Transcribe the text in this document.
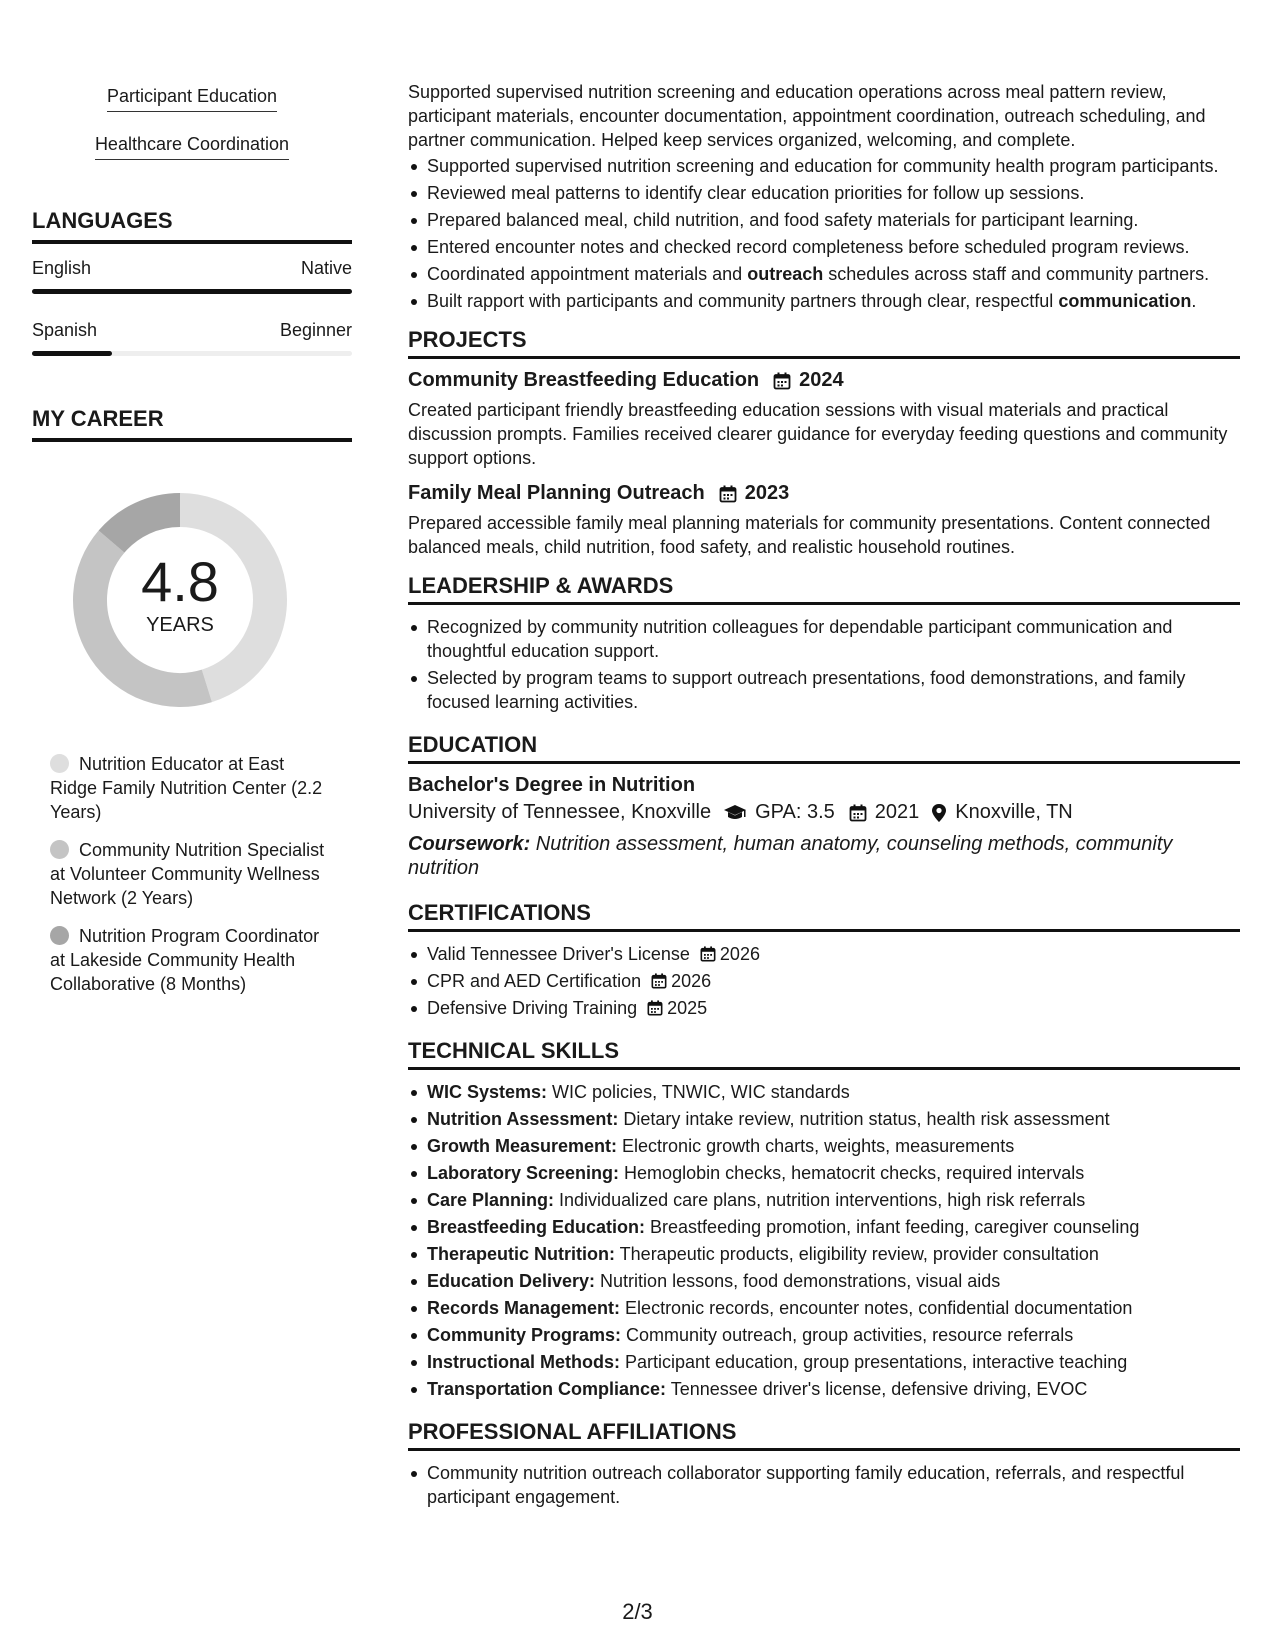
Participant Education
Healthcare Coordination
LANGUAGES
English	Native
Spanish	Beginner
MY CAREER
4.8
YEARS
Nutrition Educator at East Ridge Family Nutrition Center (2.2 Years)
Community Nutrition Specialist at Volunteer Community Wellness Network (2 Years)
Nutrition Program Coordinator at Lakeside Community Health Collaborative (8 Months)

Supported supervised nutrition screening and education operations across meal pattern review, participant materials, encounter documentation, appointment coordination, outreach scheduling, and partner communication. Helped keep services organized, welcoming, and complete.

Supported supervised nutrition screening and education for community health program participants.
Reviewed meal patterns to identify clear education priorities for follow up sessions.
Prepared balanced meal, child nutrition, and food safety materials for participant learning.
Entered encounter notes and checked record completeness before scheduled program reviews.
Coordinated appointment materials and outreach schedules across staff and community partners.
Built rapport with participants and community partners through clear, respectful communication.
PROJECTS
Community Breastfeeding Education 2024

Created participant friendly breastfeeding education sessions with visual materials and practical discussion prompts. Families received clearer guidance for everyday feeding questions and community support options.

Family Meal Planning Outreach 2023

Prepared accessible family meal planning materials for community presentations. Content connected balanced meals, child nutrition, food safety, and realistic household routines.

LEADERSHIP & AWARDS
Recognized by community nutrition colleagues for dependable participant communication and thoughtful education support.
Selected by program teams to support outreach presentations, food demonstrations, and family focused learning activities.
EDUCATION
Bachelor's Degree in Nutrition
University of Tennessee, Knoxville GPA: 3.5 2021 Knoxville, TN

Coursework: Nutrition assessment, human anatomy, counseling methods, community nutrition

CERTIFICATIONS
Valid Tennessee Driver's License 2026
CPR and AED Certification 2026
Defensive Driving Training 2025
TECHNICAL SKILLS
WIC Systems: WIC policies, TNWIC, WIC standards
Nutrition Assessment: Dietary intake review, nutrition status, health risk assessment
Growth Measurement: Electronic growth charts, weights, measurements
Laboratory Screening: Hemoglobin checks, hematocrit checks, required intervals
Care Planning: Individualized care plans, nutrition interventions, high risk referrals
Breastfeeding Education: Breastfeeding promotion, infant feeding, caregiver counseling
Therapeutic Nutrition: Therapeutic products, eligibility review, provider consultation
Education Delivery: Nutrition lessons, food demonstrations, visual aids
Records Management: Electronic records, encounter notes, confidential documentation
Community Programs: Community outreach, group activities, resource referrals
Instructional Methods: Participant education, group presentations, interactive teaching
Transportation Compliance: Tennessee driver's license, defensive driving, EVOC
PROFESSIONAL AFFILIATIONS
Community nutrition outreach collaborator supporting family education, referrals, and respectful participant engagement.
2/3
